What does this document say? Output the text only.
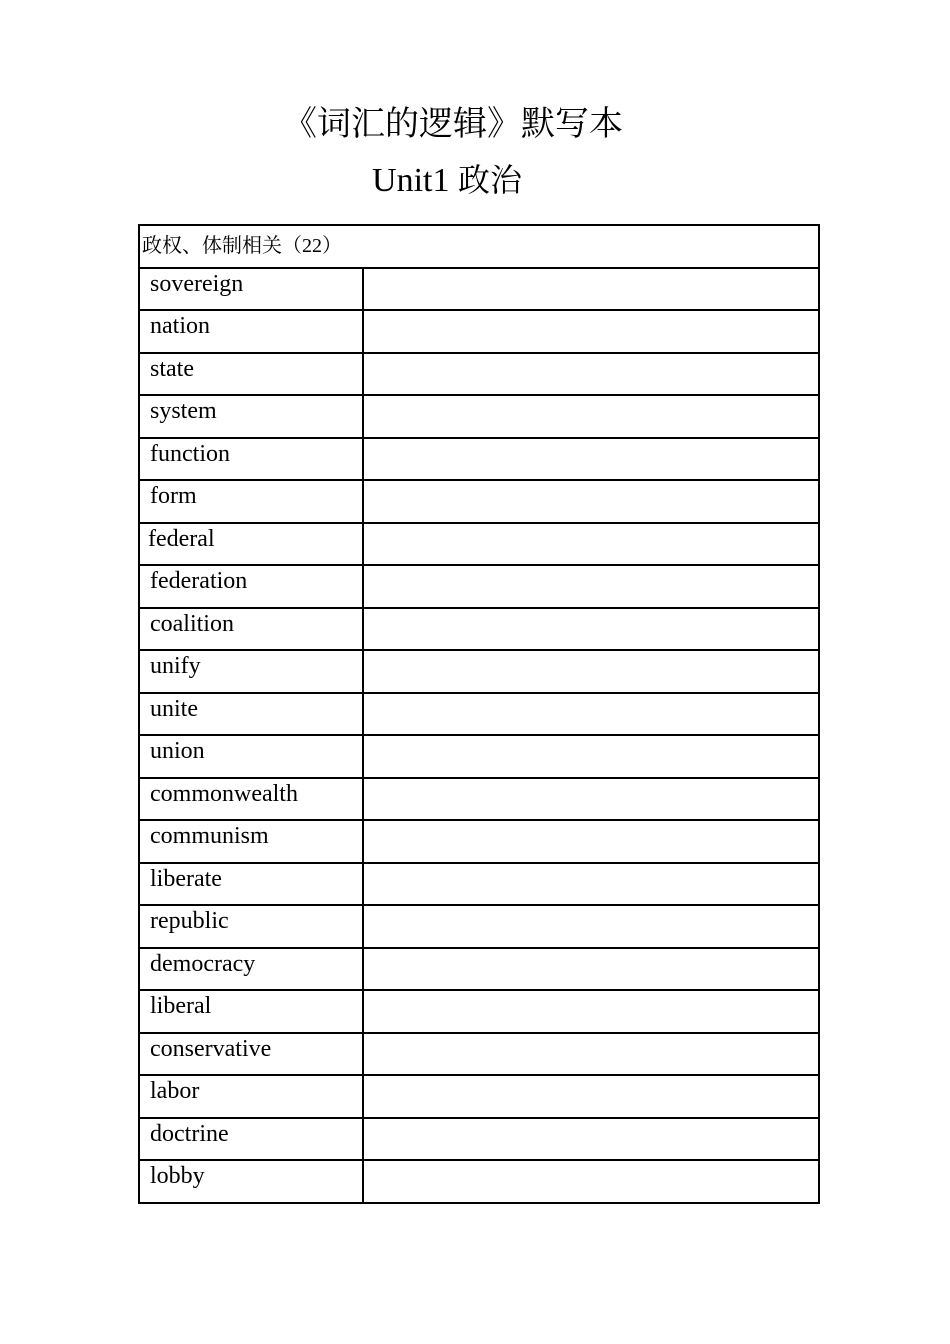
《词汇的逻辑》默写本
Unit1 政治
政权、体制相关（22）	
sovereign	
nation	
state	
system	
function	
form	
federal	
federation	
coalition	
unify	
unite	
union	
commonwealth	
communism	
liberate	
republic	
democracy	
liberal	
conservative	
labor	
doctrine	
lobby	
